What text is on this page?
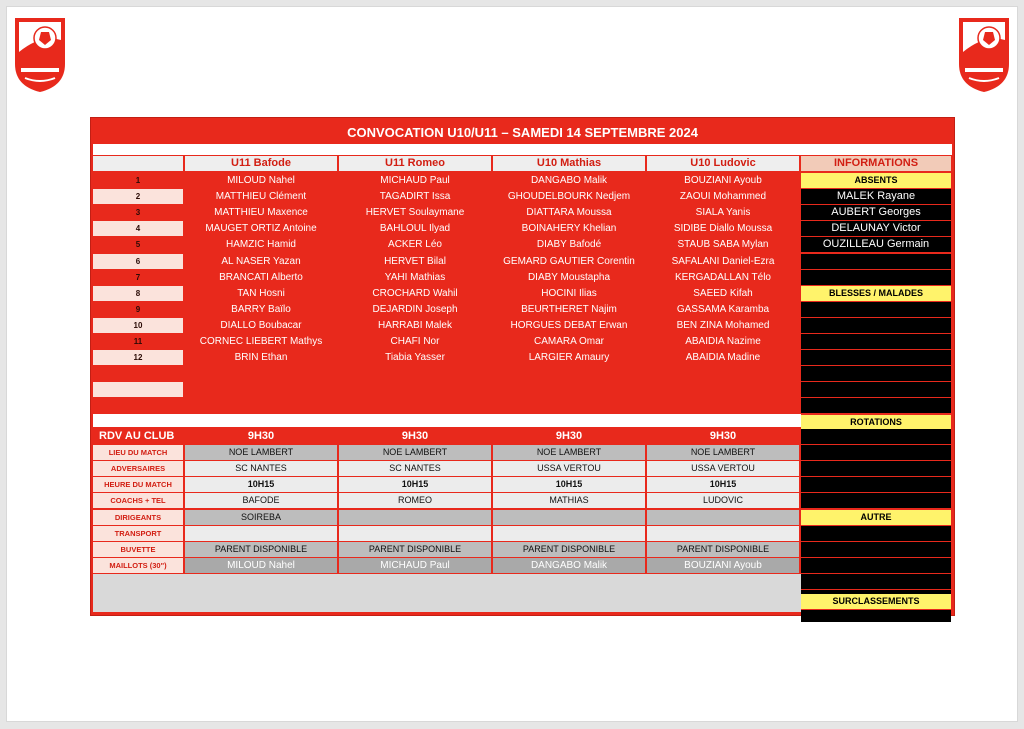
CONVOCATION U10/U11 – SAMEDI 14 SEPTEMBRE 2024
U11 Bafode	U11 Romeo	U10 Mathias	U10 Ludovic	INFORMATIONS
1	MILOUD Nahel	MICHAUD Paul	DANGABO Malik	BOUZIANI Ayoub
2	MATTHIEU Clément	TAGADIRT Issa	GHOUDELBOURK Nedjem	ZAOUI Mohammed
3	MATTHIEU Maxence	HERVET Soulaymane	DIATTARA Moussa	SIALA Yanis
4	MAUGET ORTIZ Antoine	BAHLOUL Ilyad	BOINAHERY Khelian	SIDIBE Diallo Moussa
5	HAMZIC Hamid	ACKER Léo	DIABY Bafodé	STAUB SABA Mylan
6	AL NASER Yazan	HERVET Bilal	GEMARD GAUTIER Corentin	SAFALANI Daniel-Ezra
7	BRANCATI Alberto	YAHI Mathias	DIABY Moustapha	KERGADALLAN Télo
8	TAN Hosni	CROCHARD Wahil	HOCINI Ilias	SAEED Kifah
9	BARRY Baïlo	DEJARDIN Joseph	BEURTHERET Najim	GASSAMA Karamba
10	DIALLO Boubacar	HARRABI Malek	HORGUES DEBAT Erwan	BEN ZINA Mohamed
11	CORNEC LIEBERT Mathys	CHAFI Nor	CAMARA Omar	ABAIDIA Nazime
12	BRIN Ethan	Tiabia Yasser	LARGIER Amaury	ABAIDIA Madine
ABSENTS
MALEK Rayane
AUBERT Georges
DELAUNAY Victor
OUZILLEAU Germain
BLESSES / MALADES
ROTATIONS
RDV AU CLUB	9H30	9H30	9H30	9H30
LIEU DU MATCH	NOE LAMBERT	NOE LAMBERT	NOE LAMBERT	NOE LAMBERT
ADVERSAIRES	SC NANTES	SC NANTES	USSA VERTOU	USSA VERTOU
HEURE DU MATCH	10H15	10H15	10H15	10H15
COACHS + TEL	BAFODE	ROMEO	MATHIAS	LUDOVIC
DIRIGEANTS	SOIREBA
TRANSPORT
BUVETTE	PARENT DISPONIBLE	PARENT DISPONIBLE	PARENT DISPONIBLE	PARENT DISPONIBLE
MAILLOTS (30")	MILOUD Nahel	MICHAUD Paul	DANGABO Malik	BOUZIANI Ayoub
AUTRE
SURCLASSEMENTS
